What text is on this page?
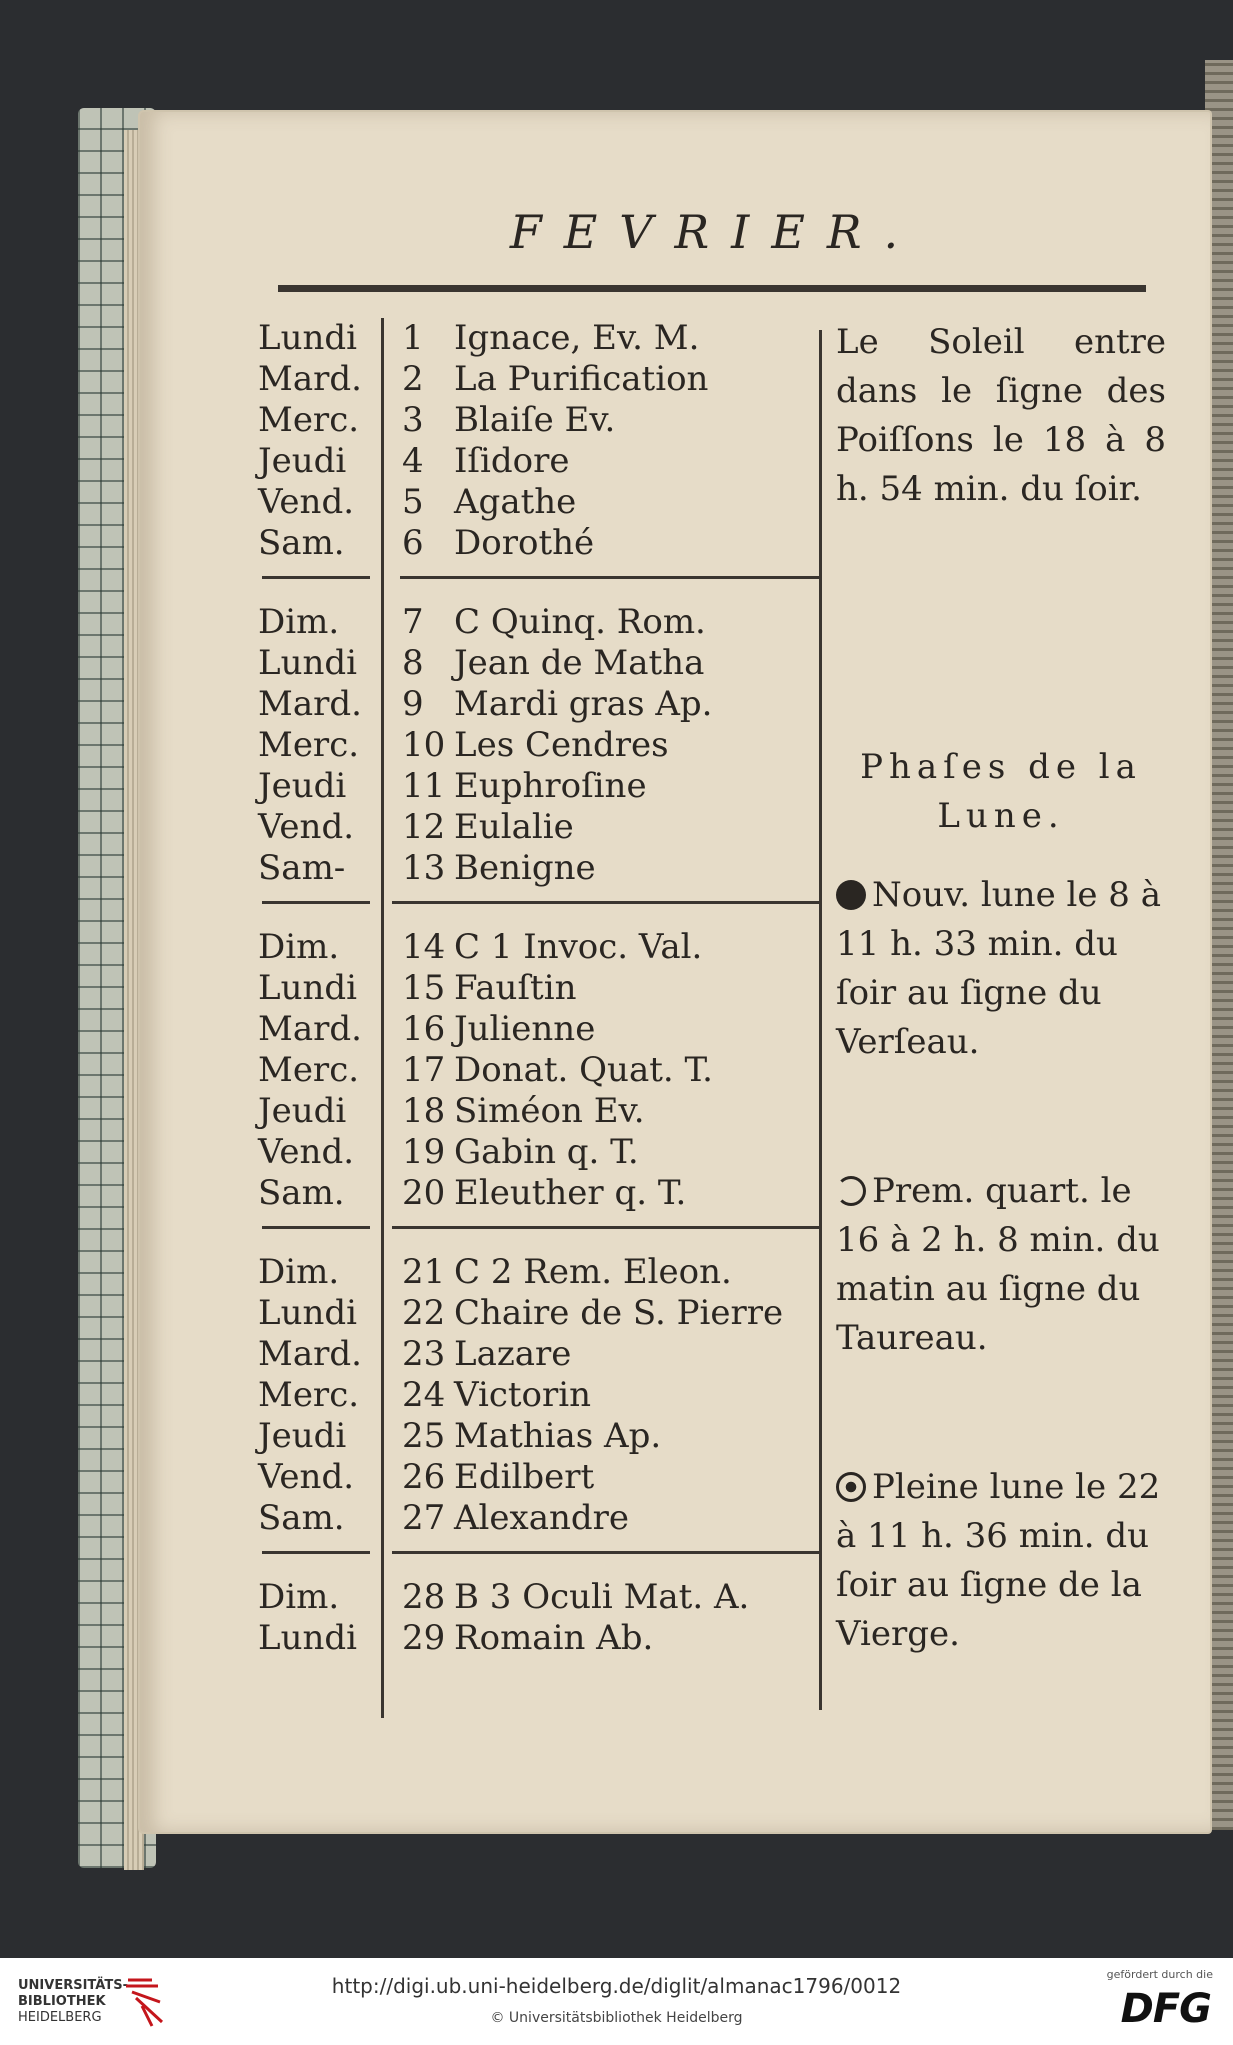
FEVRIER.
Lundi	1 Ignace, Ev. M.
Mard.	2 La Purification
Merc.	3 Blaiſe Ev.
Jeudi	4 Iſidore
Vend.	5 Agathe
Sam.	6 Dorothé
Dim.	7 C Quinq. Rom.
Lundi	8 Jean de Matha
Mard.	9 Mardi gras Ap.
Merc.	10 Les Cendres
Jeudi	11 Euphroſine
Vend.	12 Eulalie
Sam-	13 Benigne
Dim.	14 C 1 Invoc. Val.
Lundi	15 Fauſtin
Mard.	16 Julienne
Merc.	17 Donat. Quat. T.
Jeudi	18 Siméon Ev.
Vend.	19 Gabin q. T.
Sam.	20 Eleuther q. T.
Dim.	21 C 2 Rem. Eleon.
Lundi	22 Chaire de S. Pierre
Mard.	23 Lazare
Merc.	24 Victorin
Jeudi	25 Mathias Ap.
Vend.	26 Edilbert
Sam.	27 Alexandre
Dim.	28 B 3 Oculi Mat. A.
Lundi	29 Romain Ab.

Le Soleil entre dans le ſigne des Poiſſons le 18 à 8 h. 54 min. du ſoir.

Phaſes de la Lune.

Nouv. lune le 8 à 11 h. 33 min. du ſoir au ſigne du Verſeau.

Prem. quart. le 16 à 2 h. 8 min. du matin au ſigne du Taureau.

Pleine lune le 22 à 11 h. 36 min. du ſoir au ſigne de la Vierge.

UNIVERSITÄTS-
BIBLIOTHEK
HEIDELBERG
http://digi.ub.uni-heidelberg.de/diglit/almanac1796/0012
© Universitätsbibliothek Heidelberg
gefördert durch die
DFG
